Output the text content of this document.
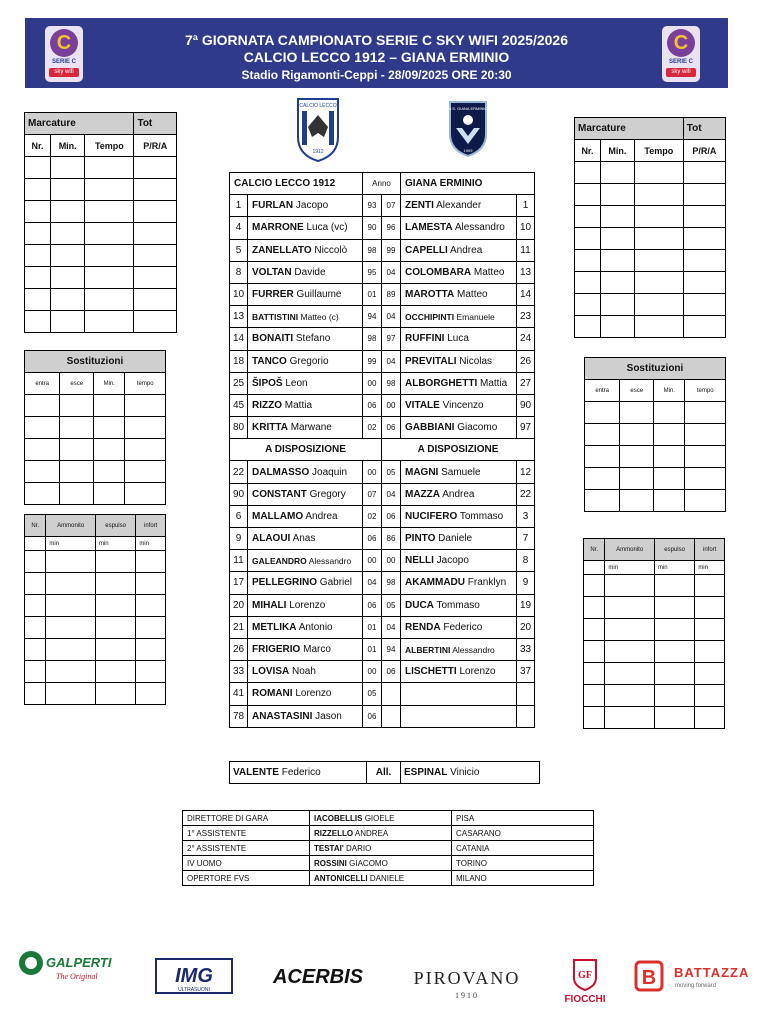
C
SERIE C
sky wifi
7ª GIORNATA CAMPIONATO SERIE C SKY WIFI 2025/2026
CALCIO LECCO 1912 – GIANA ERMINIO
Stadio Rigamonti-Ceppi - 28/09/2025 ORE 20:30
C
SERIE C
sky wifi
CALCIO LECCO
1912
A.S. GIANA ERMINIO
1909
Marcature			Tot
Nr.	Min.	Tempo	P/R/A

Sostituzioni			
entra	esce	Min.	tempo

Nr.	Ammonito	espulso	infort
	min	min	min

Marcature			Tot
Nr.	Min.	Tempo	P/R/A

Sostituzioni			
entra	esce	Min.	tempo

Nr.	Ammonito	espulso	infort
	min	min	min

CALCIO LECCO 1912		Anno		GIANA ERMINIO	
1	FURLAN Jacopo	93	07	ZENTI Alexander	1
4	MARRONE Luca (vc)	90	96	LAMESTA Alessandro	10
5	ZANELLATO Niccolò	98	99	CAPELLI Andrea	11
8	VOLTAN Davide	95	04	COLOMBARA Matteo	13
10	FURRER Guillaume	01	89	MAROTTA Matteo	14
13	BATTISTINI Matteo (c)	94	04	OCCHIPINTI Emanuele	23
14	BONAITI Stefano	98	97	RUFFINI Luca	24
18	TANCO Gregorio	99	04	PREVITALI Nicolas	26
25	ŠIPOŠ Leon	00	98	ALBORGHETTI Mattia	27
45	RIZZO Mattia	06	00	VITALE Vincenzo	90
80	KRITTA Marwane	02	06	GABBIANI Giacomo	97
A DISPOSIZIONE			A DISPOSIZIONE		
22	DALMASSO Joaquin	00	05	MAGNI Samuele	12
90	CONSTANT Gregory	07	04	MAZZA Andrea	22
6	MALLAMO Andrea	02	06	NUCIFERO Tommaso	3
9	ALAOUI Anas	06	86	PINTO Daniele	7
11	GALEANDRO Alessandro	00	00	NELLI Jacopo	8
17	PELLEGRINO Gabriel	04	98	AKAMMADU Franklyn	9
20	MIHALI Lorenzo	06	05	DUCA Tommaso	19
21	METLIKA Antonio	01	04	RENDA Federico	20
26	FRIGERIO Marco	01	94	ALBERTINI Alessandro	33
33	LOVISA Noah	00	06	LISCHETTI Lorenzo	37
41	ROMANI Lorenzo	05			
78	ANASTASINI Jason	06			
VALENTE Federico	All.	ESPINAL Vinicio
DIRETTORE DI GARA	IACOBELLIS GIOELE	PISA
1° ASSISTENTE	RIZZELLO ANDREA	CASARANO
2° ASSISTENTE	TESTAI' DARIO	CATANIA
IV UOMO	ROSSINI GIACOMO	TORINO
OPERTORE FVS	ANTONICELLI DANIELE	MILANO
GALPERTI
The Original	IMG
ULTRASUONI
ACERBIS	PIROVANO
1910
GF
FIOCCHI
B BATTAZZA
moving forward
